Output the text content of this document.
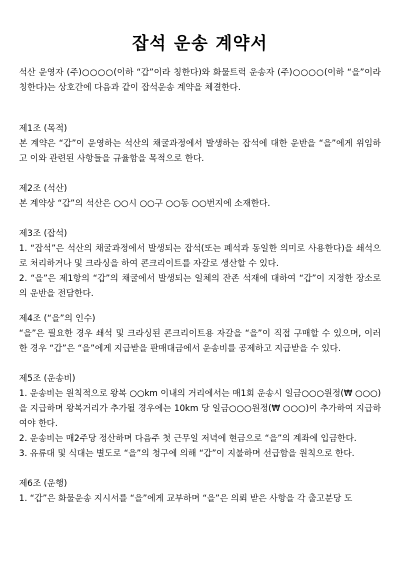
잡석 운송 계약서

석산 운영자 (주)○○○○(이하 “갑”이라 칭한다)와 화물트럭 운송자 (주)○○○○(이하 “을”이라 칭한다)는 상호간에 다음과 같이 잡석운송 계약을 체결한다.

제1조 (목적)

본 계약은 “갑”이 운영하는 석산의 채굴과정에서 발생하는 잡석에 대한 운반을 “을”에게 위임하고 이와 관련된 사항들을 규율함을 목적으로 한다.

제2조 (석산)

본 계약상 “갑”의 석산은 ○○시 ○○구 ○○동 ○○번지에 소재한다.

제3조 (잡석)

1. “잡석”은 석산의 채굴과정에서 발생되는 잡석(또는 폐석과 동일한 의미로 사용한다)을 쇄석으로 처리하거나 및 크라싱을 하여 콘크리이트를 자갈로 생산할 수 있다.

2. “을”은 제1항의 “갑”의 채굴에서 발생되는 일체의 잔존 석재에 대하여 “갑”이 지정한 장소로의 운반을 전담한다.

제4조 (“을”의 인수)

“을”은 필요한 경우 쇄석 및 크라싱된 콘크리이트용 자갈을 “을”이 직접 구매할 수 있으며, 이러한 경우 “갑”은 “을”에게 지급받을 판매대금에서 운송비를 공제하고 지급받을 수 있다.

제5조 (운송비)

1. 운송비는 원칙적으로 왕복 ○○km 이내의 거리에서는 매1회 운송시 일금○○○원정(₩ ○○○)을 지급하며 왕복거리가 추가될 경우에는 10km 당 일금○○○원정(₩ ○○○)이 추가하여 지급하여야 한다.

2. 운송비는 매2주당 정산하며 다음주 첫 근무일 저녁에 현금으로 “을”의 계좌에 입금한다.

3. 유류대 및 식대는 별도로 “을”의 청구에 의해 “갑”이 지불하며 선급함을 원칙으로 한다.

제6조 (운행)

1. “갑”은 화물운송 지시서를 “을”에게 교부하며 “을”은 의뢰 받은 사항을 각 출고분당 도
